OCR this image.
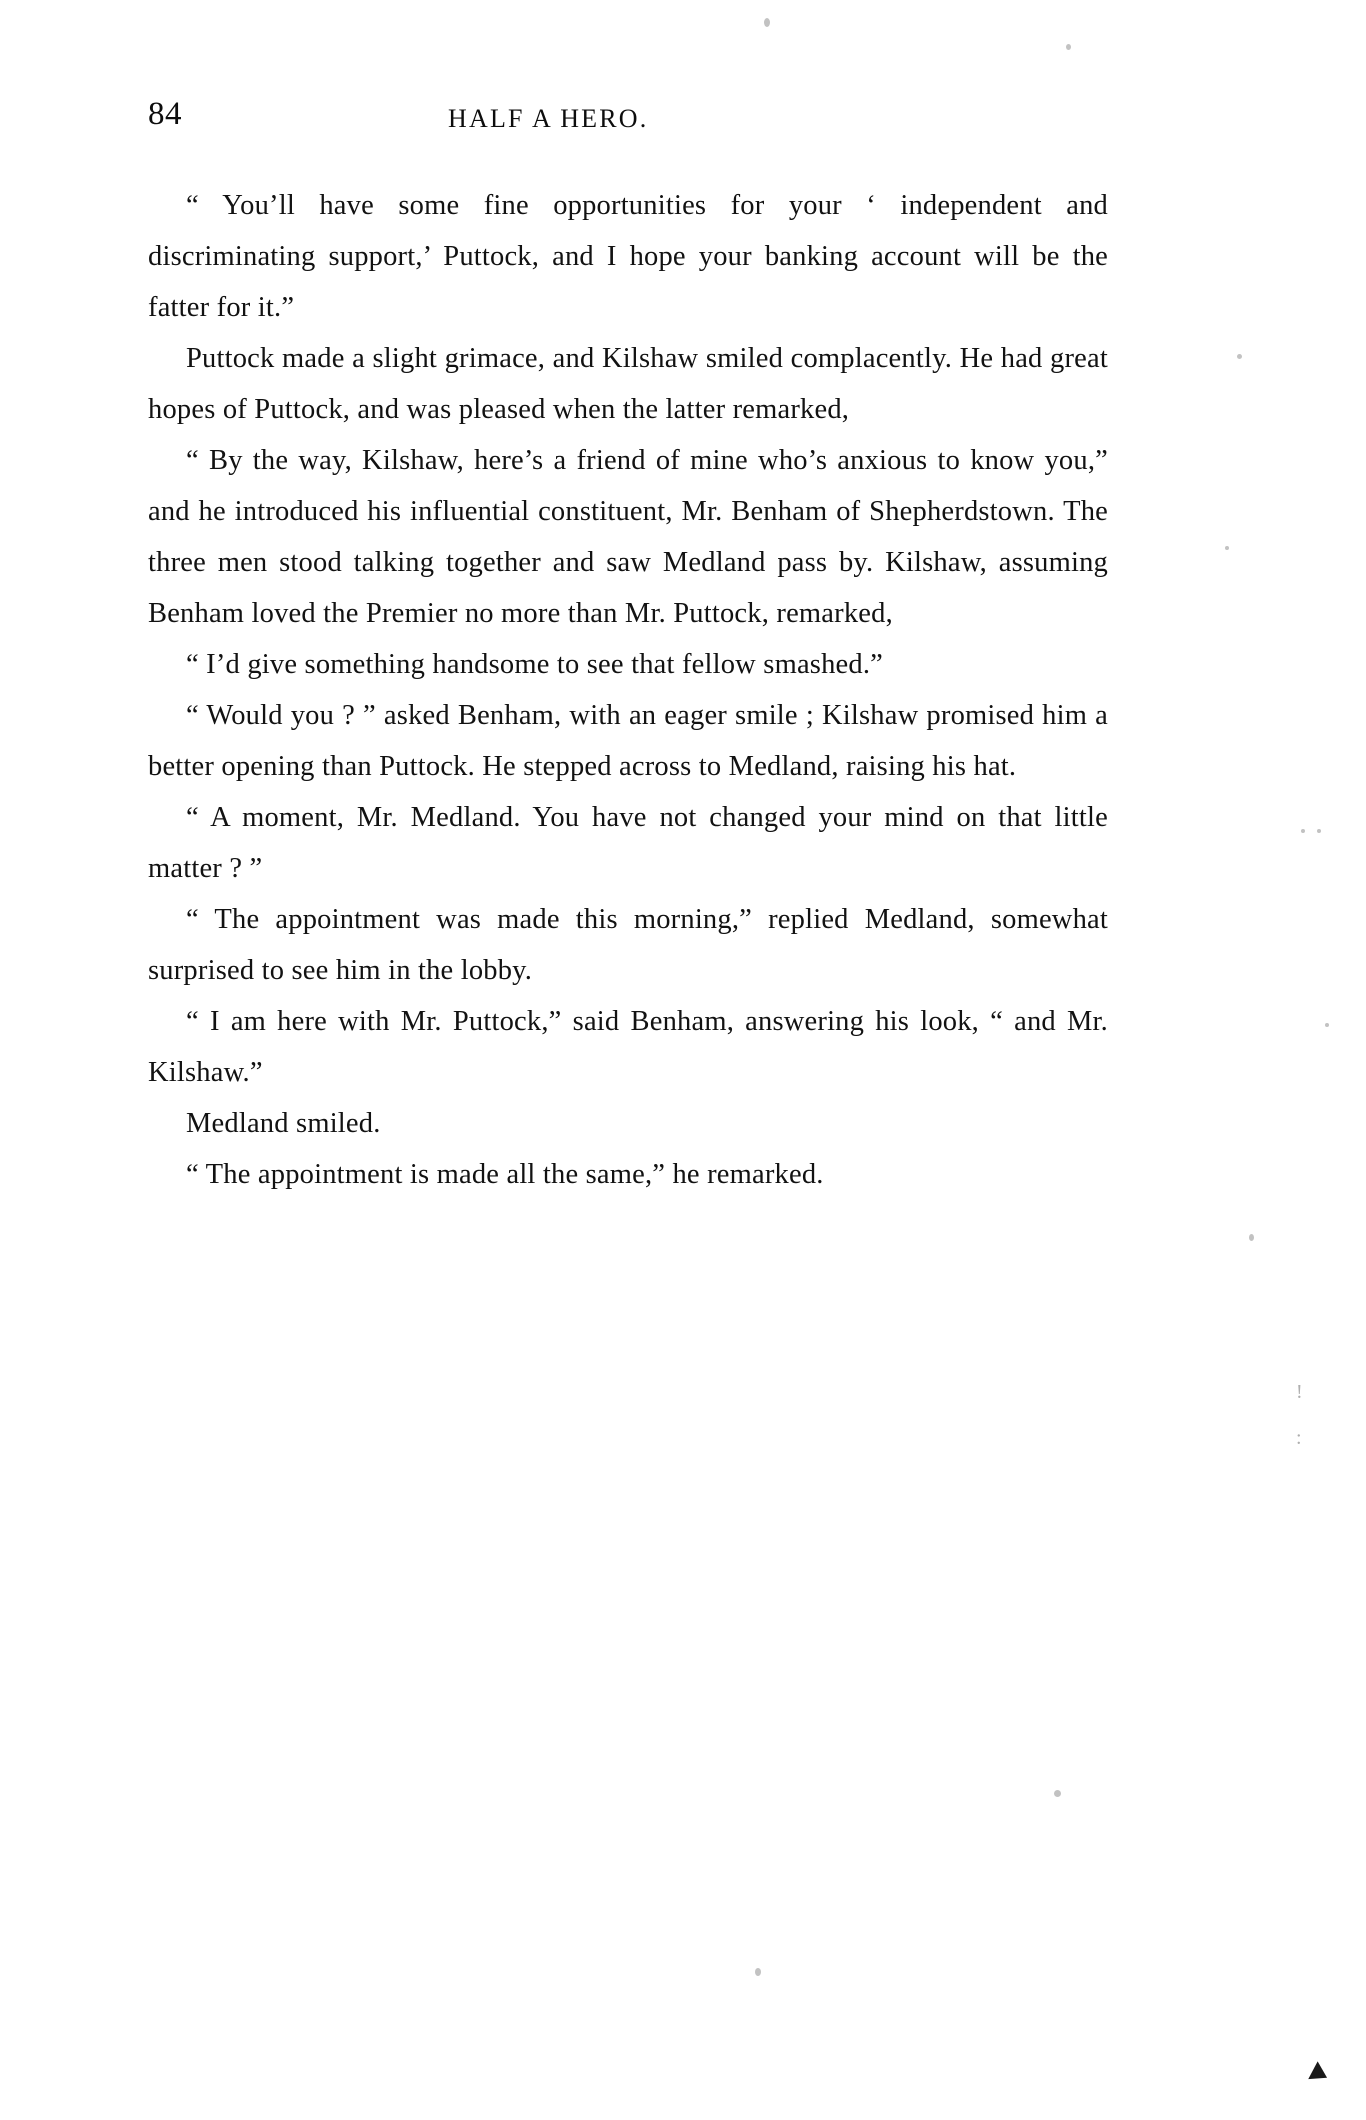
84	HALF A HERO.

“ You’ll have some fine opportunities for your ‘ independent and discriminating support,’ Puttock, and I hope your banking account will be the fatter for it.”

Puttock made a slight grimace, and Kilshaw smiled complacently. He had great hopes of Puttock, and was pleased when the latter remarked,

“ By the way, Kilshaw, here’s a friend of mine who’s anxious to know you,” and he introduced his influential constituent, Mr. Benham of Shepherdstown. The three men stood talking together and saw Medland pass by. Kilshaw, assuming Benham loved the Premier no more than Mr. Puttock, remarked,

“ I’d give something handsome to see that fellow smashed.”

“ Would you ? ” asked Benham, with an eager smile ; Kilshaw promised him a better opening than Puttock. He stepped across to Medland, raising his hat.

“ A moment, Mr. Medland. You have not changed your mind on that little matter ? ”

“ The appointment was made this morning,” replied Medland, somewhat surprised to see him in the lobby.

“ I am here with Mr. Puttock,” said Benham, answering his look, “ and Mr. Kilshaw.”

Medland smiled.

“ The appointment is made all the same,” he remarked.

!
:
